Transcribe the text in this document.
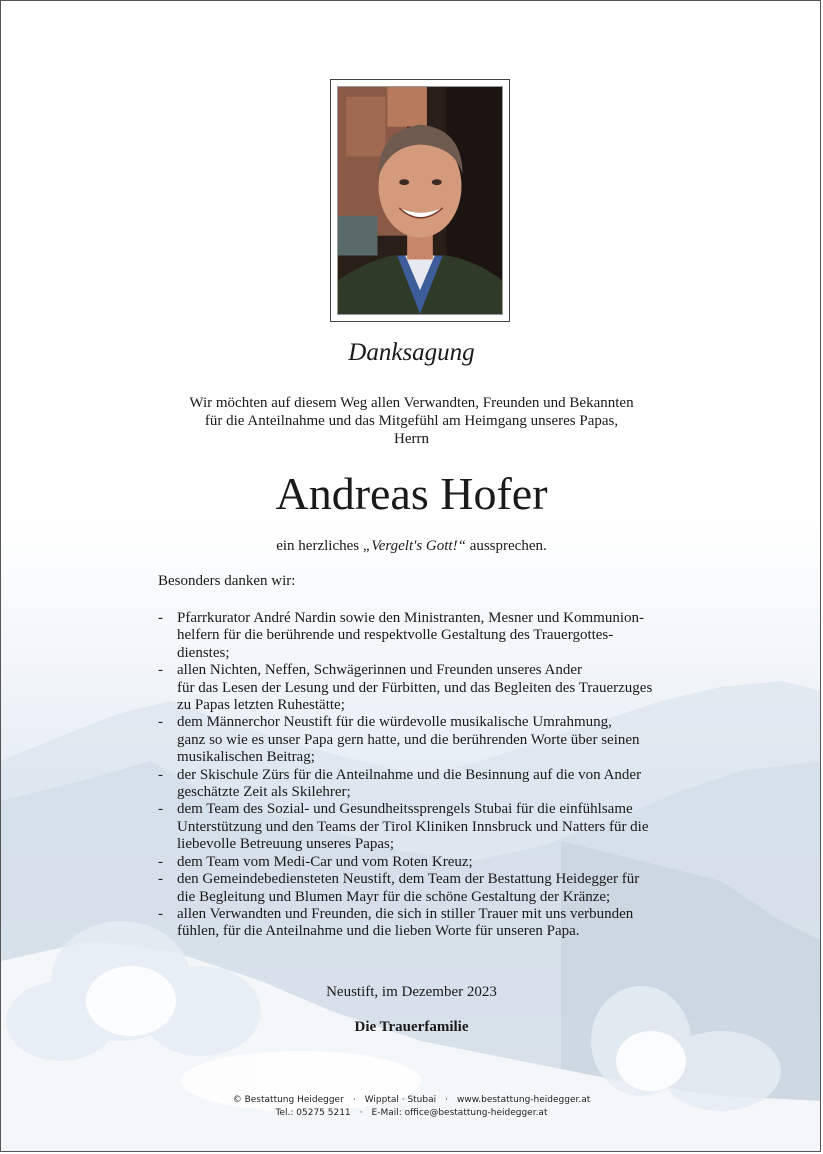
Danksagung
Wir möchten auf diesem Weg allen Verwandten, Freunden und Bekannten
für die Anteilnahme und das Mitgefühl am Heimgang unseres Papas,
Herrn
Andreas Hofer
ein herzliches „Vergelt's Gott!“ aussprechen.
Besonders danken wir:
- Pfarrkurator André Nardin sowie den Ministranten, Mesner und Kommunion-
helfern für die berührende und respektvolle Gestaltung des Trauergottes-
dienstes;
- allen Nichten, Neffen, Schwägerinnen und Freunden unseres Ander
für das Lesen der Lesung und der Fürbitten, und das Begleiten des Trauerzuges
zu Papas letzten Ruhestätte;
- dem Männerchor Neustift für die würdevolle musikalische Umrahmung,
ganz so wie es unser Papa gern hatte, und die berührenden Worte über seinen
musikalischen Beitrag;
- der Skischule Zürs für die Anteilnahme und die Besinnung auf die von Ander
geschätzte Zeit als Skilehrer;
- dem Team des Sozial- und Gesundheitssprengels Stubai für die einfühlsame
Unterstützung und den Teams der Tirol Kliniken Innsbruck und Natters für die
liebevolle Betreuung unseres Papas;
- dem Team vom Medi-Car und vom Roten Kreuz;
- den Gemeindebediensteten Neustift, dem Team der Bestattung Heidegger für
die Begleitung und Blumen Mayr für die schöne Gestaltung der Kränze;
- allen Verwandten und Freunden, die sich in stiller Trauer mit uns verbunden
fühlen, für die Anteilnahme und die lieben Worte für unseren Papa.
Neustift, im Dezember 2023
Die Trauerfamilie
© Bestattung Heidegger · Wipptal · Stubai · www.bestattung-heidegger.at
Tel.: 05275 5211 · E-Mail: office@bestattung-heidegger.at
